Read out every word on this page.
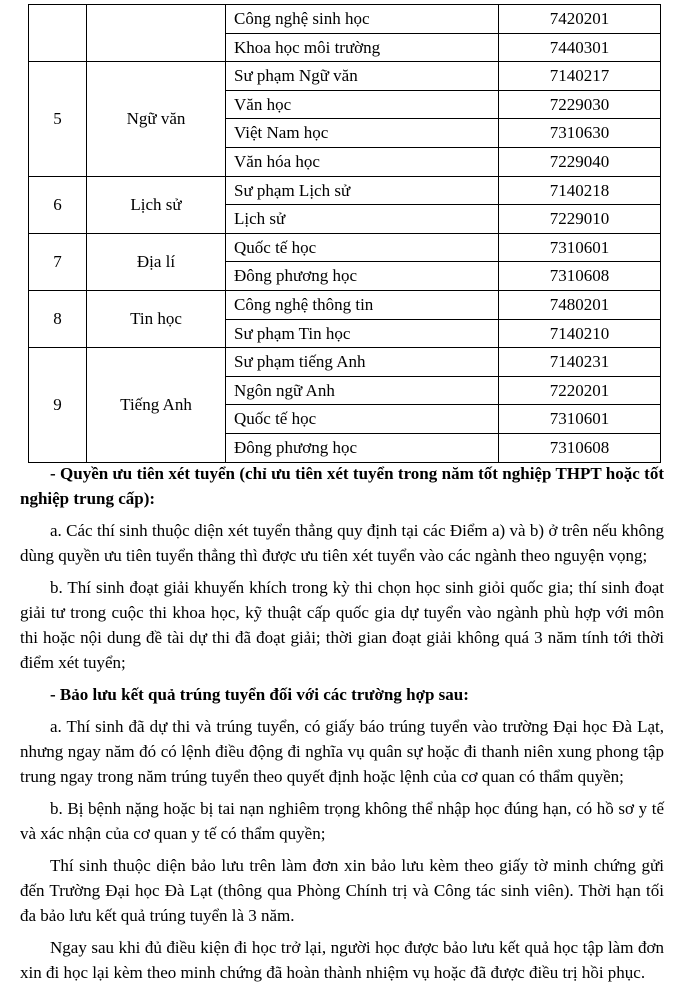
		Công nghệ sinh học	7420201
		Khoa học môi trường	7440301
5	Ngữ văn	Sư phạm Ngữ văn	7140217
		Văn học	7229030
		Việt Nam học	7310630
		Văn hóa học	7229040
6	Lịch sử	Sư phạm Lịch sử	7140218
		Lịch sử	7229010
7	Địa lí	Quốc tế học	7310601
		Đông phương học	7310608
8	Tin học	Công nghệ thông tin	7480201
		Sư phạm Tin học	7140210
9	Tiếng Anh	Sư phạm tiếng Anh	7140231
		Ngôn ngữ Anh	7220201
		Quốc tế học	7310601
		Đông phương học	7310608

- Quyền ưu tiên xét tuyển (chỉ ưu tiên xét tuyển trong năm tốt nghiệp THPT hoặc tốt nghiệp trung cấp):

a. Các thí sinh thuộc diện xét tuyển thẳng quy định tại các Điểm a) và b) ở trên nếu không dùng quyền ưu tiên tuyển thẳng thì được ưu tiên xét tuyển vào các ngành theo nguyện vọng;

b. Thí sinh đoạt giải khuyến khích trong kỳ thi chọn học sinh giỏi quốc gia; thí sinh đoạt giải tư trong cuộc thi khoa học, kỹ thuật cấp quốc gia dự tuyển vào ngành phù hợp với môn thi hoặc nội dung đề tài dự thi đã đoạt giải; thời gian đoạt giải không quá 3 năm tính tới thời điểm xét tuyển;

- Bảo lưu kết quả trúng tuyển đối với các trường hợp sau:

a. Thí sinh đã dự thi và trúng tuyển, có giấy báo trúng tuyển vào trường Đại học Đà Lạt, nhưng ngay năm đó có lệnh điều động đi nghĩa vụ quân sự hoặc đi thanh niên xung phong tập trung ngay trong năm trúng tuyển theo quyết định hoặc lệnh của cơ quan có thẩm quyền;

b. Bị bệnh nặng hoặc bị tai nạn nghiêm trọng không thể nhập học đúng hạn, có hồ sơ y tế và xác nhận của cơ quan y tế có thẩm quyền;

Thí sinh thuộc diện bảo lưu trên làm đơn xin bảo lưu kèm theo giấy tờ minh chứng gửi đến Trường Đại học Đà Lạt (thông qua Phòng Chính trị và Công tác sinh viên). Thời hạn tối đa bảo lưu kết quả trúng tuyển là 3 năm.

Ngay sau khi đủ điều kiện đi học trở lại, người học được bảo lưu kết quả học tập làm đơn xin đi học lại kèm theo minh chứng đã hoàn thành nhiệm vụ hoặc đã được điều trị hồi phục.
